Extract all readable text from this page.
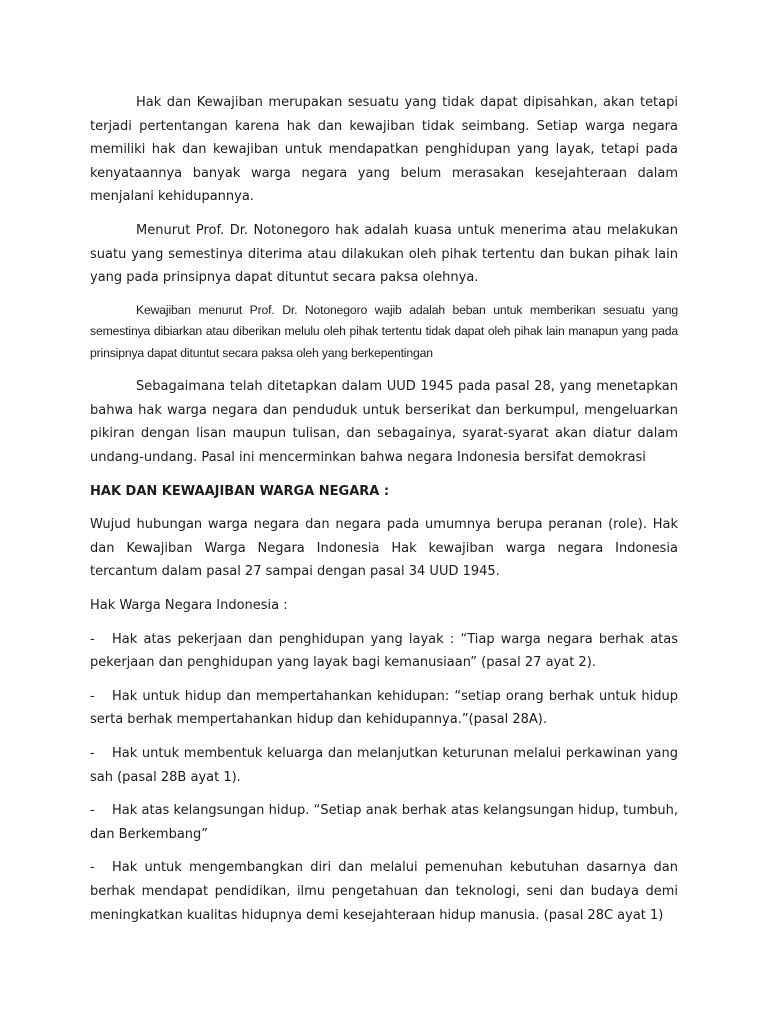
Hak dan Kewajiban merupakan sesuatu yang tidak dapat dipisahkan, akan tetapi terjadi pertentangan karena hak dan kewajiban tidak seimbang. Setiap warga negara memiliki hak dan kewajiban untuk mendapatkan penghidupan yang layak, tetapi pada kenyataannya banyak warga negara yang belum merasakan kesejahteraan dalam menjalani kehidupannya.

Menurut Prof. Dr. Notonegoro hak adalah kuasa untuk menerima atau melakukan suatu yang semestinya diterima atau dilakukan oleh pihak tertentu dan bukan pihak lain yang pada prinsipnya dapat dituntut secara paksa olehnya.

Kewajiban menurut Prof. Dr. Notonegoro wajib adalah beban untuk memberikan sesuatu yang semestinya dibiarkan atau diberikan melulu oleh pihak tertentu tidak dapat oleh pihak lain manapun yang pada prinsipnya dapat dituntut secara paksa oleh yang berkepentingan

Sebagaimana telah ditetapkan dalam UUD 1945 pada pasal 28, yang menetapkan bahwa hak warga negara dan penduduk untuk berserikat dan berkumpul, mengeluarkan pikiran dengan lisan maupun tulisan, dan sebagainya, syarat-syarat akan diatur dalam undang-undang. Pasal ini mencerminkan bahwa negara Indonesia bersifat demokrasi

HAK DAN KEWAAJIBAN WARGA NEGARA :

Wujud hubungan warga negara dan negara pada umumnya berupa peranan (role). Hak dan Kewajiban Warga Negara Indonesia Hak kewajiban warga negara Indonesia tercantum dalam pasal 27 sampai dengan pasal 34 UUD 1945.

Hak Warga Negara Indonesia :

- Hak atas pekerjaan dan penghidupan yang layak : “Tiap warga negara berhak atas pekerjaan dan penghidupan yang layak bagi kemanusiaan” (pasal 27 ayat 2).

- Hak untuk hidup dan mempertahankan kehidupan: “setiap orang berhak untuk hidup serta berhak mempertahankan hidup dan kehidupannya.”(pasal 28A).

- Hak untuk membentuk keluarga dan melanjutkan keturunan melalui perkawinan yang sah (pasal 28B ayat 1).

- Hak atas kelangsungan hidup. “Setiap anak berhak atas kelangsungan hidup, tumbuh, dan Berkembang”

- Hak untuk mengembangkan diri dan melalui pemenuhan kebutuhan dasarnya dan berhak mendapat pendidikan, ilmu pengetahuan dan teknologi, seni dan budaya demi meningkatkan kualitas hidupnya demi kesejahteraan hidup manusia. (pasal 28C ayat 1)
